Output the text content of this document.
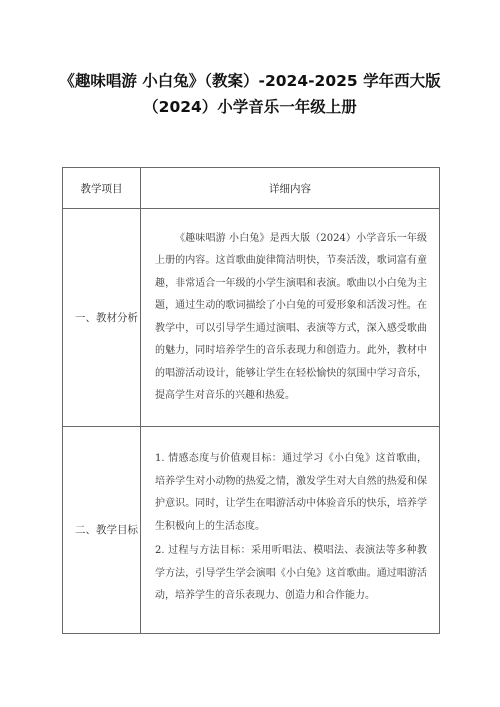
《趣味唱游 小白兔》（教案）-2024-2025 学年西大版
（2024）小学音乐一年级上册
教学项目	详细内容
一、教材分析	《趣味唱游 小白兔》是西大版（2024）小学音乐一年级上册的内容。这首歌曲旋律简洁明快，节奏活泼，歌词富有童趣，非常适合一年级的小学生演唱和表演。歌曲以小白兔为主题，通过生动的歌词描绘了小白兔的可爱形象和活泼习性。在教学中，可以引导学生通过演唱、表演等方式，深入感受歌曲的魅力，同时培养学生的音乐表现力和创造力。此外，教材中的唱游活动设计，能够让学生在轻松愉快的氛围中学习音乐，提高学生对音乐的兴趣和热爱。

二、教学目标	1. 情感态度与价值观目标：通过学习《小白兔》这首歌曲，培养学生对小动物的热爱之情，激发学生对大自然的热爱和保护意识。同时，让学生在唱游活动中体验音乐的快乐，培养学生积极向上的生活态度。

2. 过程与方法目标：采用听唱法、模唱法、表演法等多种教学方法，引导学生学会演唱《小白兔》这首歌曲。通过唱游活动，培养学生的音乐表现力、创造力和合作能力。
